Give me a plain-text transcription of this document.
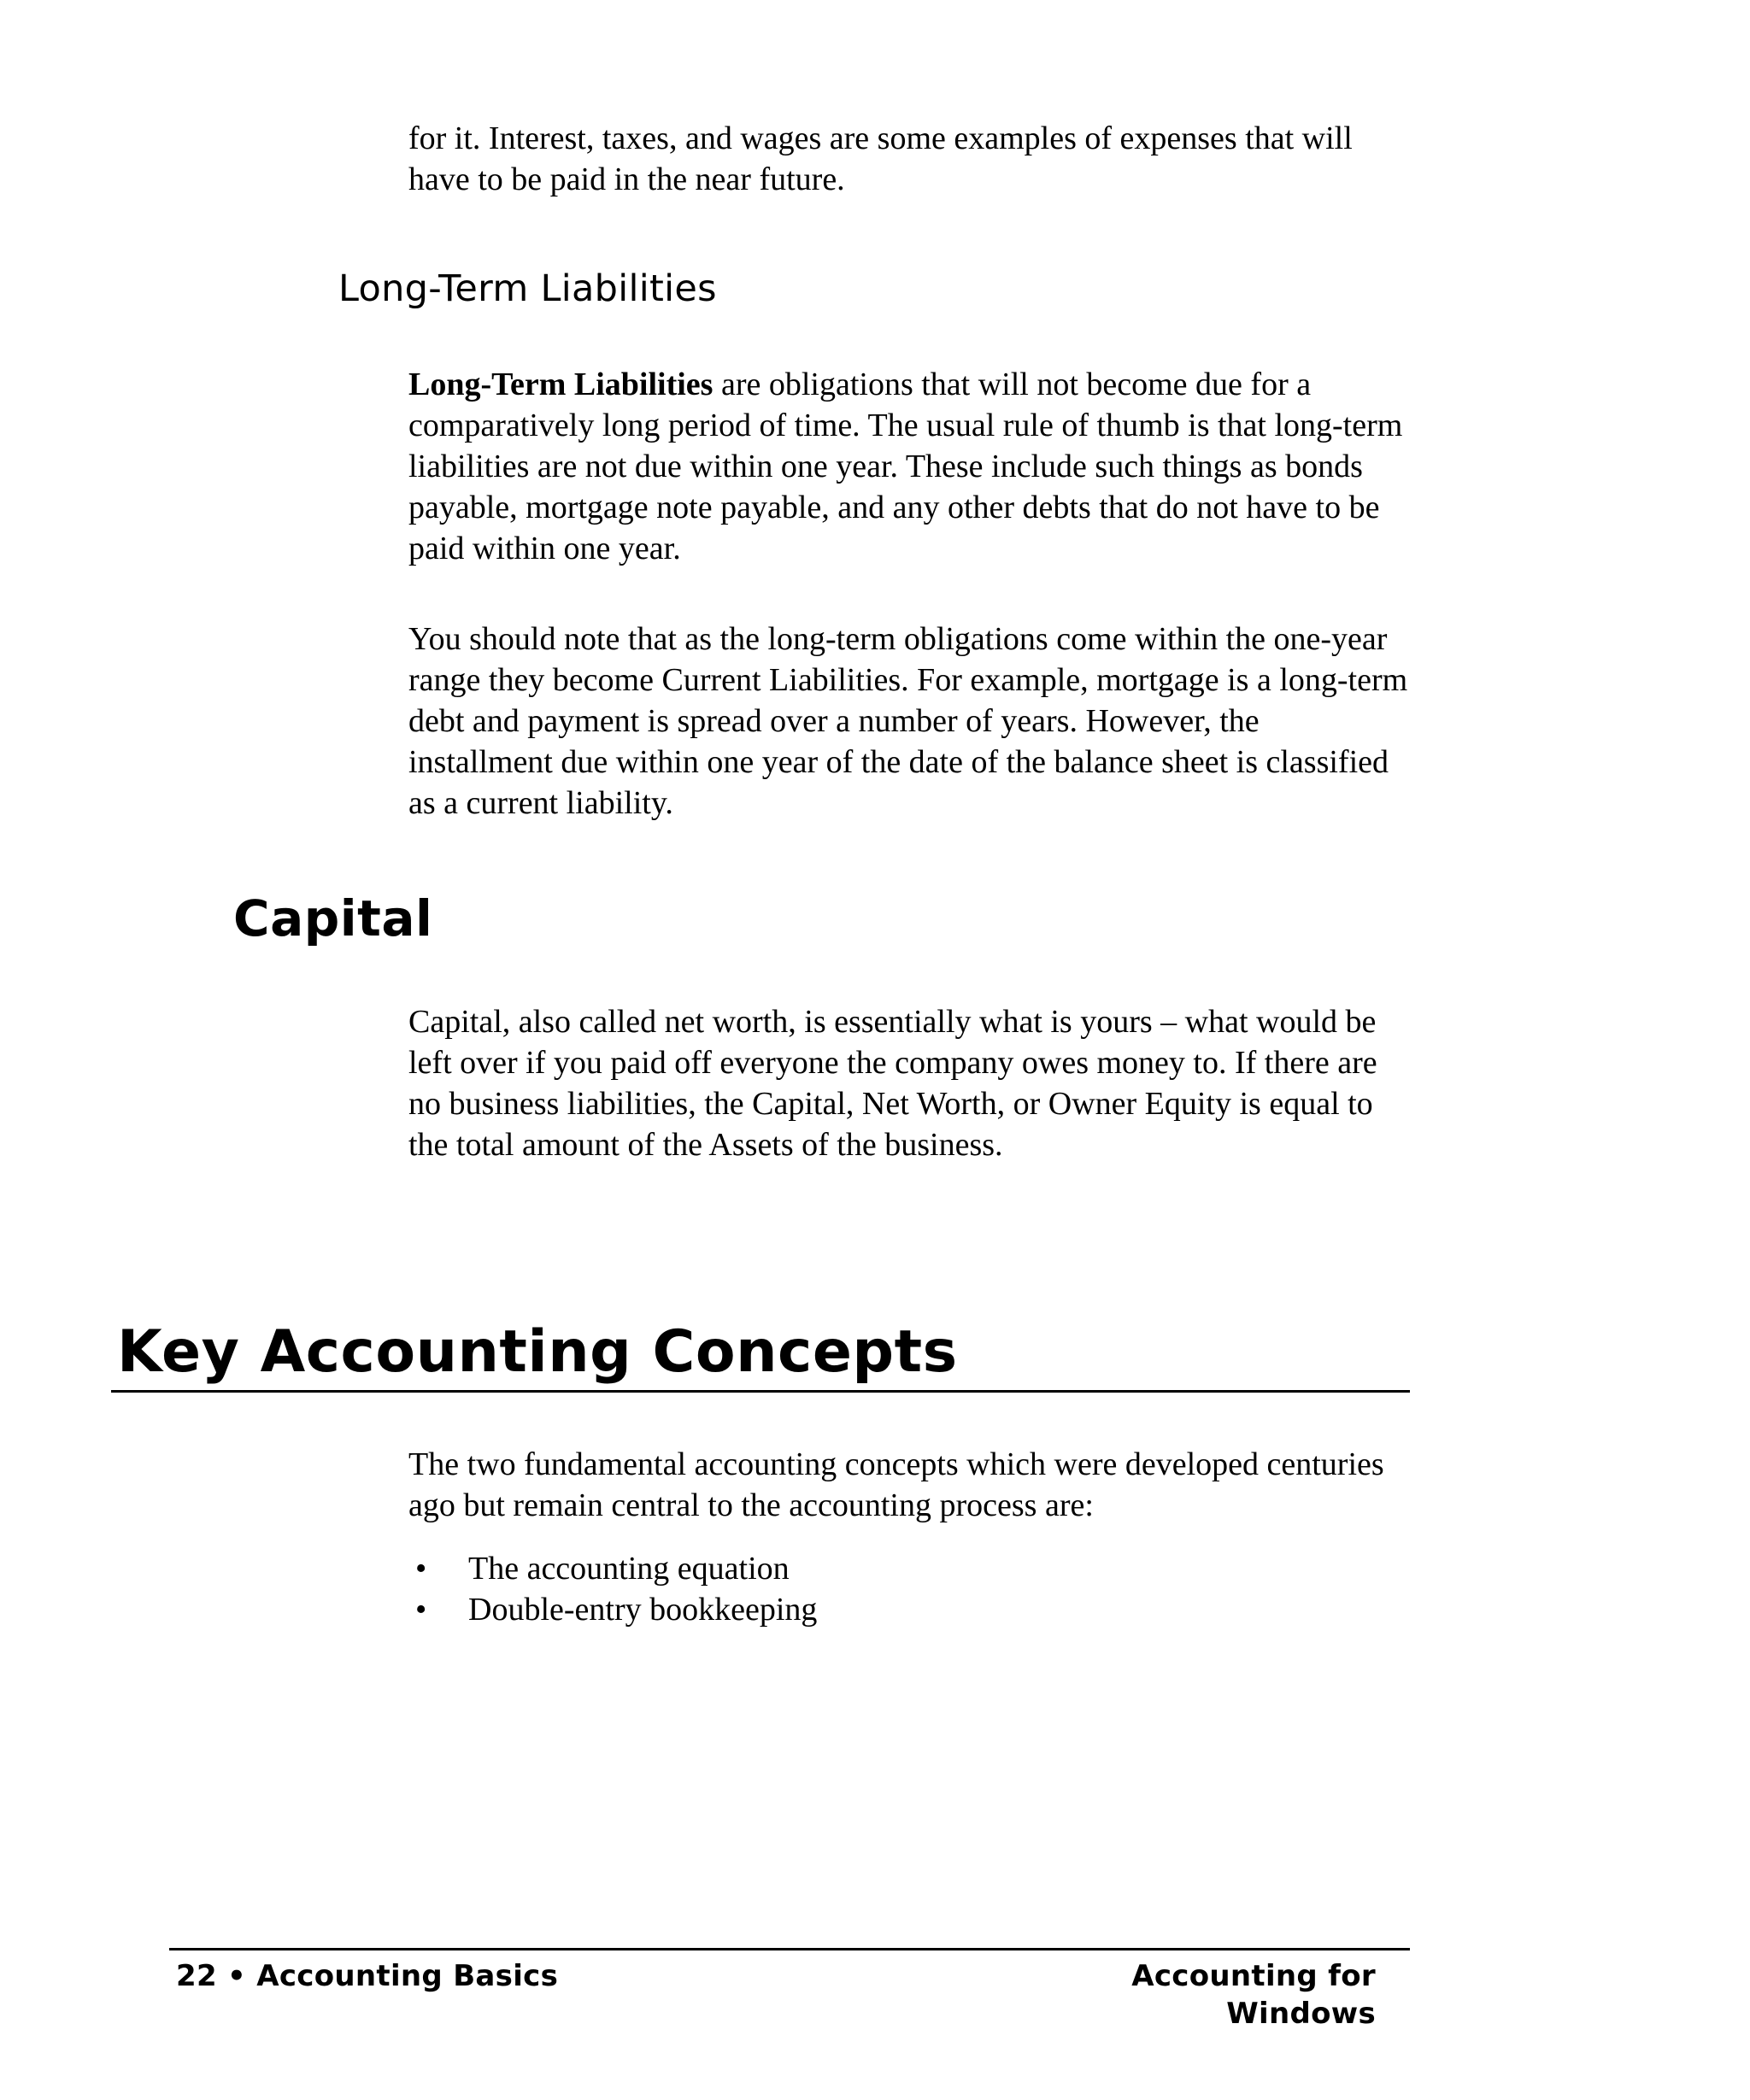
for it. Interest, taxes, and wages are some examples of expenses that will have to be paid in the near future.

Long-Term Liabilities

Long-Term Liabilities are obligations that will not become due for a comparatively long period of time. The usual rule of thumb is that long-term liabilities are not due within one year. These include such things as bonds payable, mortgage note payable, and any other debts that do not have to be paid within one year.

You should note that as the long-term obligations come within the one-year range they become Current Liabilities. For example, mortgage is a long-term debt and payment is spread over a number of years. However, the installment due within one year of the date of the balance sheet is classified as a current liability.

Capital

Capital, also called net worth, is essentially what is yours – what would be left over if you paid off everyone the company owes money to. If there are no business liabilities, the Capital, Net Worth, or Owner Equity is equal to the total amount of the Assets of the business.

Key Accounting Concepts

The two fundamental accounting concepts which were developed centuries ago but remain central to the accounting process are:

• The accounting equation
• Double-entry bookkeeping
22 • Accounting Basics	Accounting for Windows
